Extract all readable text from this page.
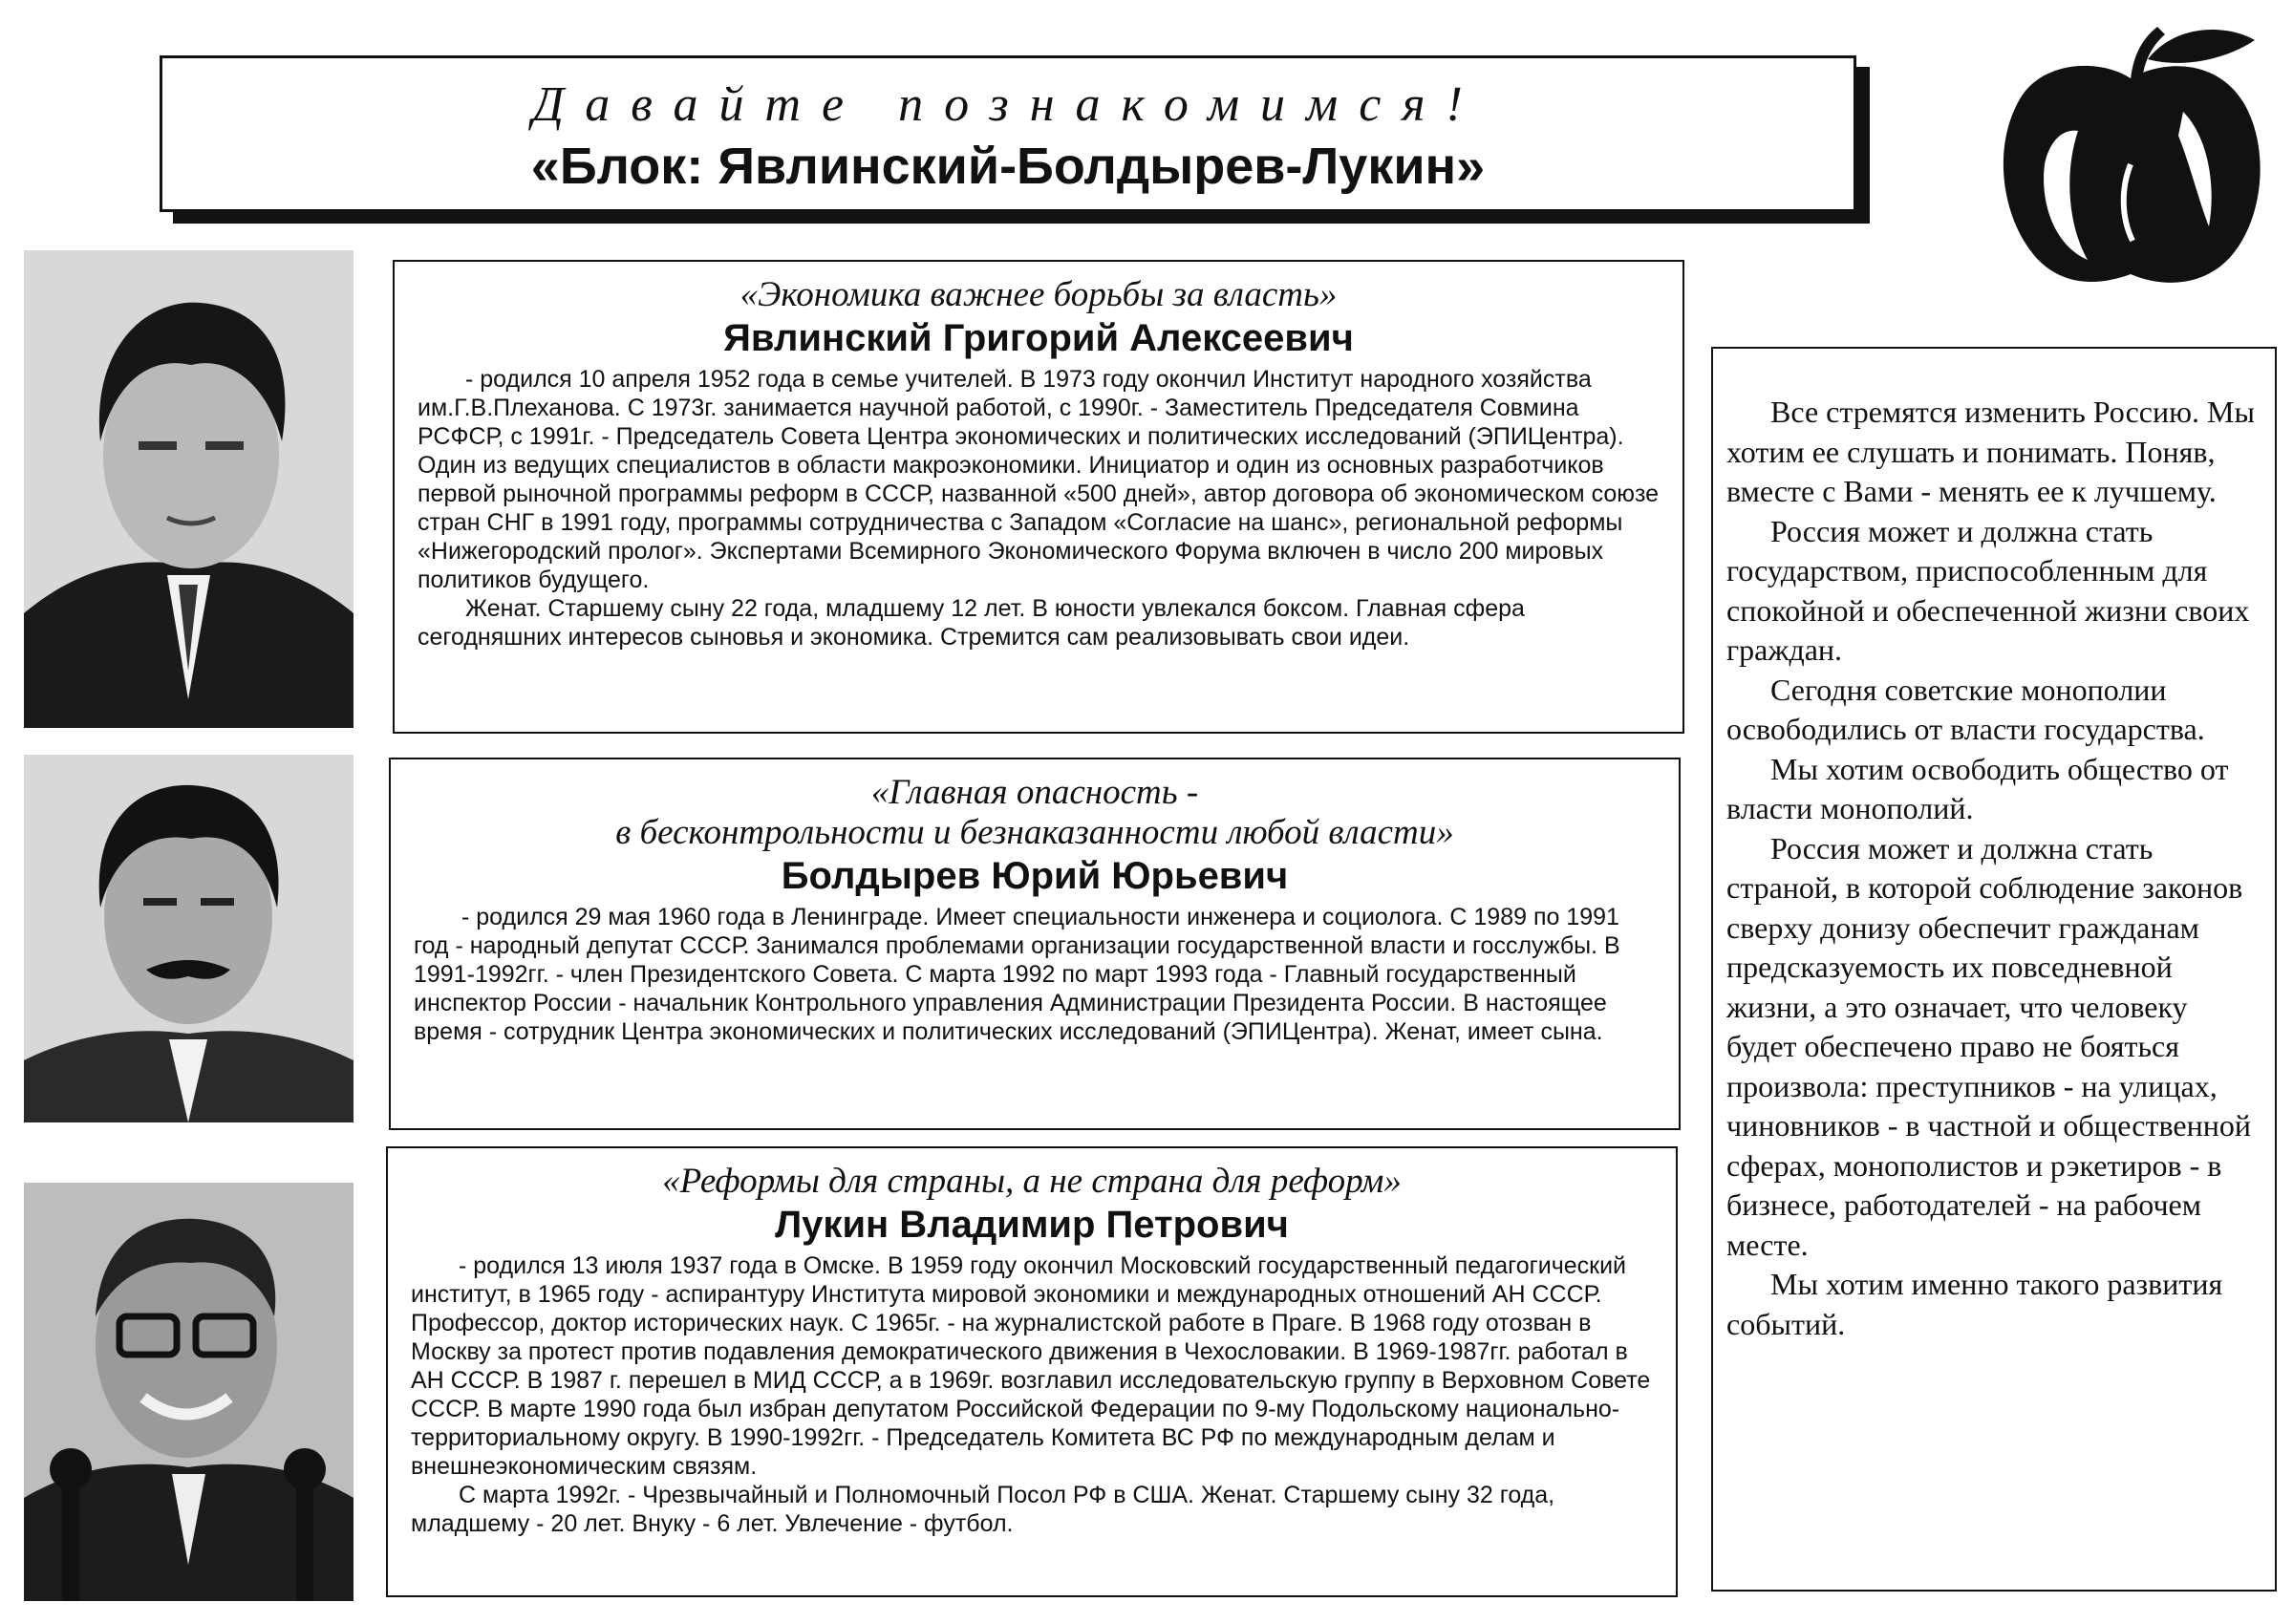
Давайте познакомимся!
«Блок: Явлинский-Болдырев-Лукин»
«Экономика важнее борьбы за власть»
Явлинский Григорий Алексеевич

- родился 10 апреля 1952 года в семье учителей. В 1973 году окончил Институт народного хозяйства им.Г.В.Плеханова. С 1973г. занимается научной работой, с 1990г. - Заместитель Председателя Совмина РСФСР, с 1991г. - Председатель Совета Центра экономических и политических исследований (ЭПИЦентра). Один из ведущих специалистов в области макроэкономики. Инициатор и один из основных разработчиков первой рыночной программы реформ в СССР, названной «500 дней», автор договора об экономическом союзе стран СНГ в 1991 году, программы сотрудничества с Западом «Согласие на шанс», региональной реформы «Нижегородский пролог». Экспертами Всемирного Экономического Форума включен в число 200 мировых политиков будущего.

Женат. Старшему сыну 22 года, младшему 12 лет. В юности увлекался боксом. Главная сфера сегодняшних интересов сыновья и экономика. Стремится сам реализовывать свои идеи.

«Главная опасность -
в бесконтрольности и безнаказанности любой власти»
Болдырев Юрий Юрьевич

- родился 29 мая 1960 года в Ленинграде. Имеет специальности инженера и социолога. С 1989 по 1991 год - народный депутат СССР. Занимался проблемами организации государственной власти и госслужбы. В 1991-1992гг. - член Президентского Совета. С марта 1992 по март 1993 года - Главный государственный инспектор России - начальник Контрольного управления Администрации Президента России. В настоящее время - сотрудник Центра экономических и политических исследований (ЭПИЦентра). Женат, имеет сына.

«Реформы для страны, а не страна для реформ»
Лукин Владимир Петрович

- родился 13 июля 1937 года в Омске. В 1959 году окончил Московский государственный педагогический институт, в 1965 году - аспирантуру Института мировой экономики и международных отношений АН СССР. Профессор, доктор исторических наук. С 1965г. - на журналистской работе в Праге. В 1968 году отозван в Москву за протест против подавления демократического движения в Чехословакии. В 1969-1987гг. работал в АН СССР. В 1987 г. перешел в МИД СССР, а в 1969г. возглавил исследовательскую группу в Верховном Совете СССР. В марте 1990 года был избран депутатом Российской Федерации по 9-му Подольскому национально-территориальному округу. В 1990-1992гг. - Председатель Комитета ВС РФ по международным делам и внешнеэкономическим связям.

С марта 1992г. - Чрезвычайный и Полномочный Посол РФ в США. Женат. Старшему сыну 32 года, младшему - 20 лет. Внуку - 6 лет. Увлечение - футбол.

Все стремятся изменить Россию. Мы хотим ее слушать и понимать. Поняв, вместе с Вами - менять ее к лучшему.

Россия может и должна стать государством, приспособленным для спокойной и обеспеченной жизни своих граждан.

Сегодня советские монополии освободились от власти государства.

Мы хотим освободить общество от власти монополий.

Россия может и должна стать страной, в которой соблюдение законов сверху донизу обеспечит гражданам предсказуемость их повседневной жизни, а это означает, что человеку будет обеспечено право не бояться произвола: преступников - на улицах, чиновников - в частной и общественной сферах, монополистов и рэкетиров - в бизнесе, работодателей - на рабочем месте.

Мы хотим именно такого развития событий.
